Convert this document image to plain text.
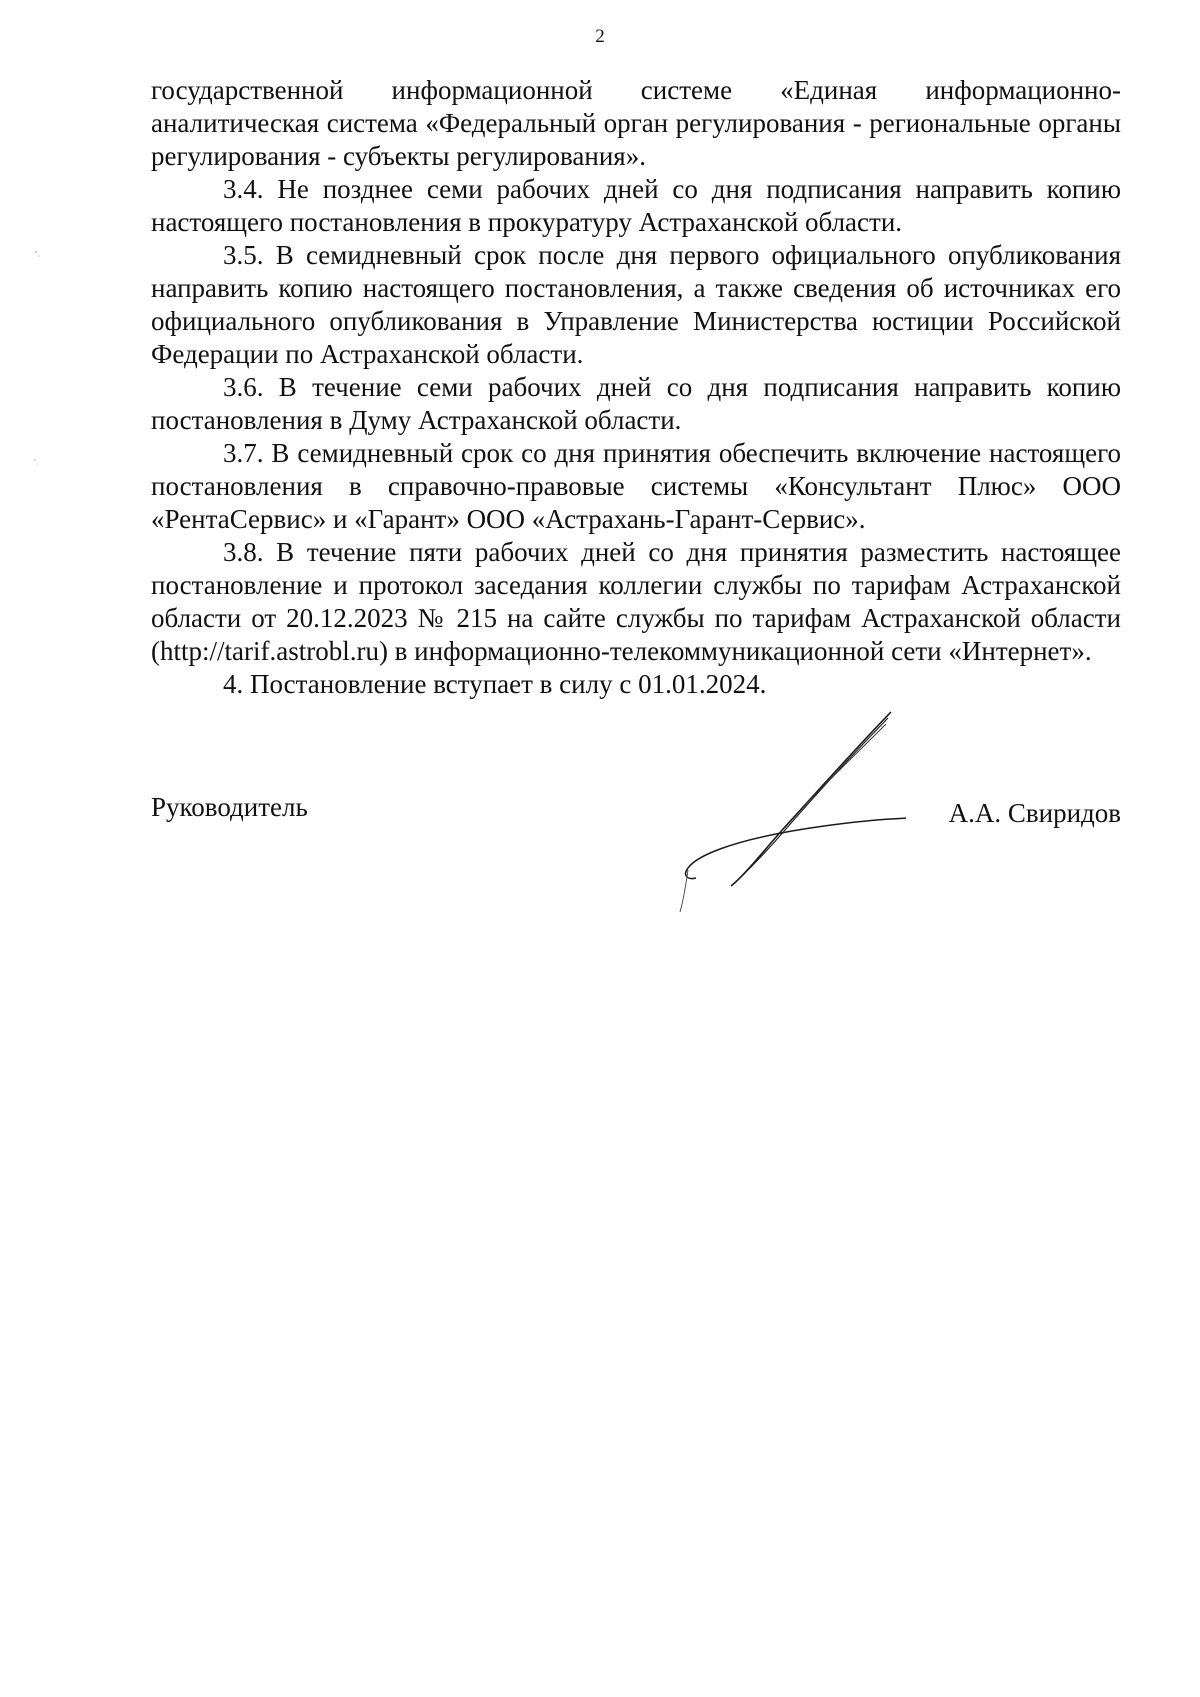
2

государственной информационной системе «Единая информационно-аналитическая система «Федеральный орган регулирования - региональные органы регулирования - субъекты регулирования».

3.4. Не позднее семи рабочих дней со дня подписания направить копию настоящего постановления в прокуратуру Астраханской области.

3.5. В семидневный срок после дня первого официального опубликования направить копию настоящего постановления, а также сведения об источниках его официального опубликования в Управление Министерства юстиции Российской Федерации по Астраханской области.

3.6. В течение семи рабочих дней со дня подписания направить копию постановления в Думу Астраханской области.

3.7. В семидневный срок со дня принятия обеспечить включение настоящего постановления в справочно-правовые системы «Консультант Плюс» ООО «РентаСервис» и «Гарант» ООО «Астрахань-Гарант-Сервис».

3.8. В течение пяти рабочих дней со дня принятия разместить настоящее постановление и протокол заседания коллегии службы по тарифам Астраханской области от 20.12.2023 № 215 на сайте службы по тарифам Астраханской области (http://tarif.astrobl.ru) в информационно-телекоммуникационной сети «Интернет».

4. Постановление вступает в силу с 01.01.2024.

Руководитель	А.А. Свиридов
